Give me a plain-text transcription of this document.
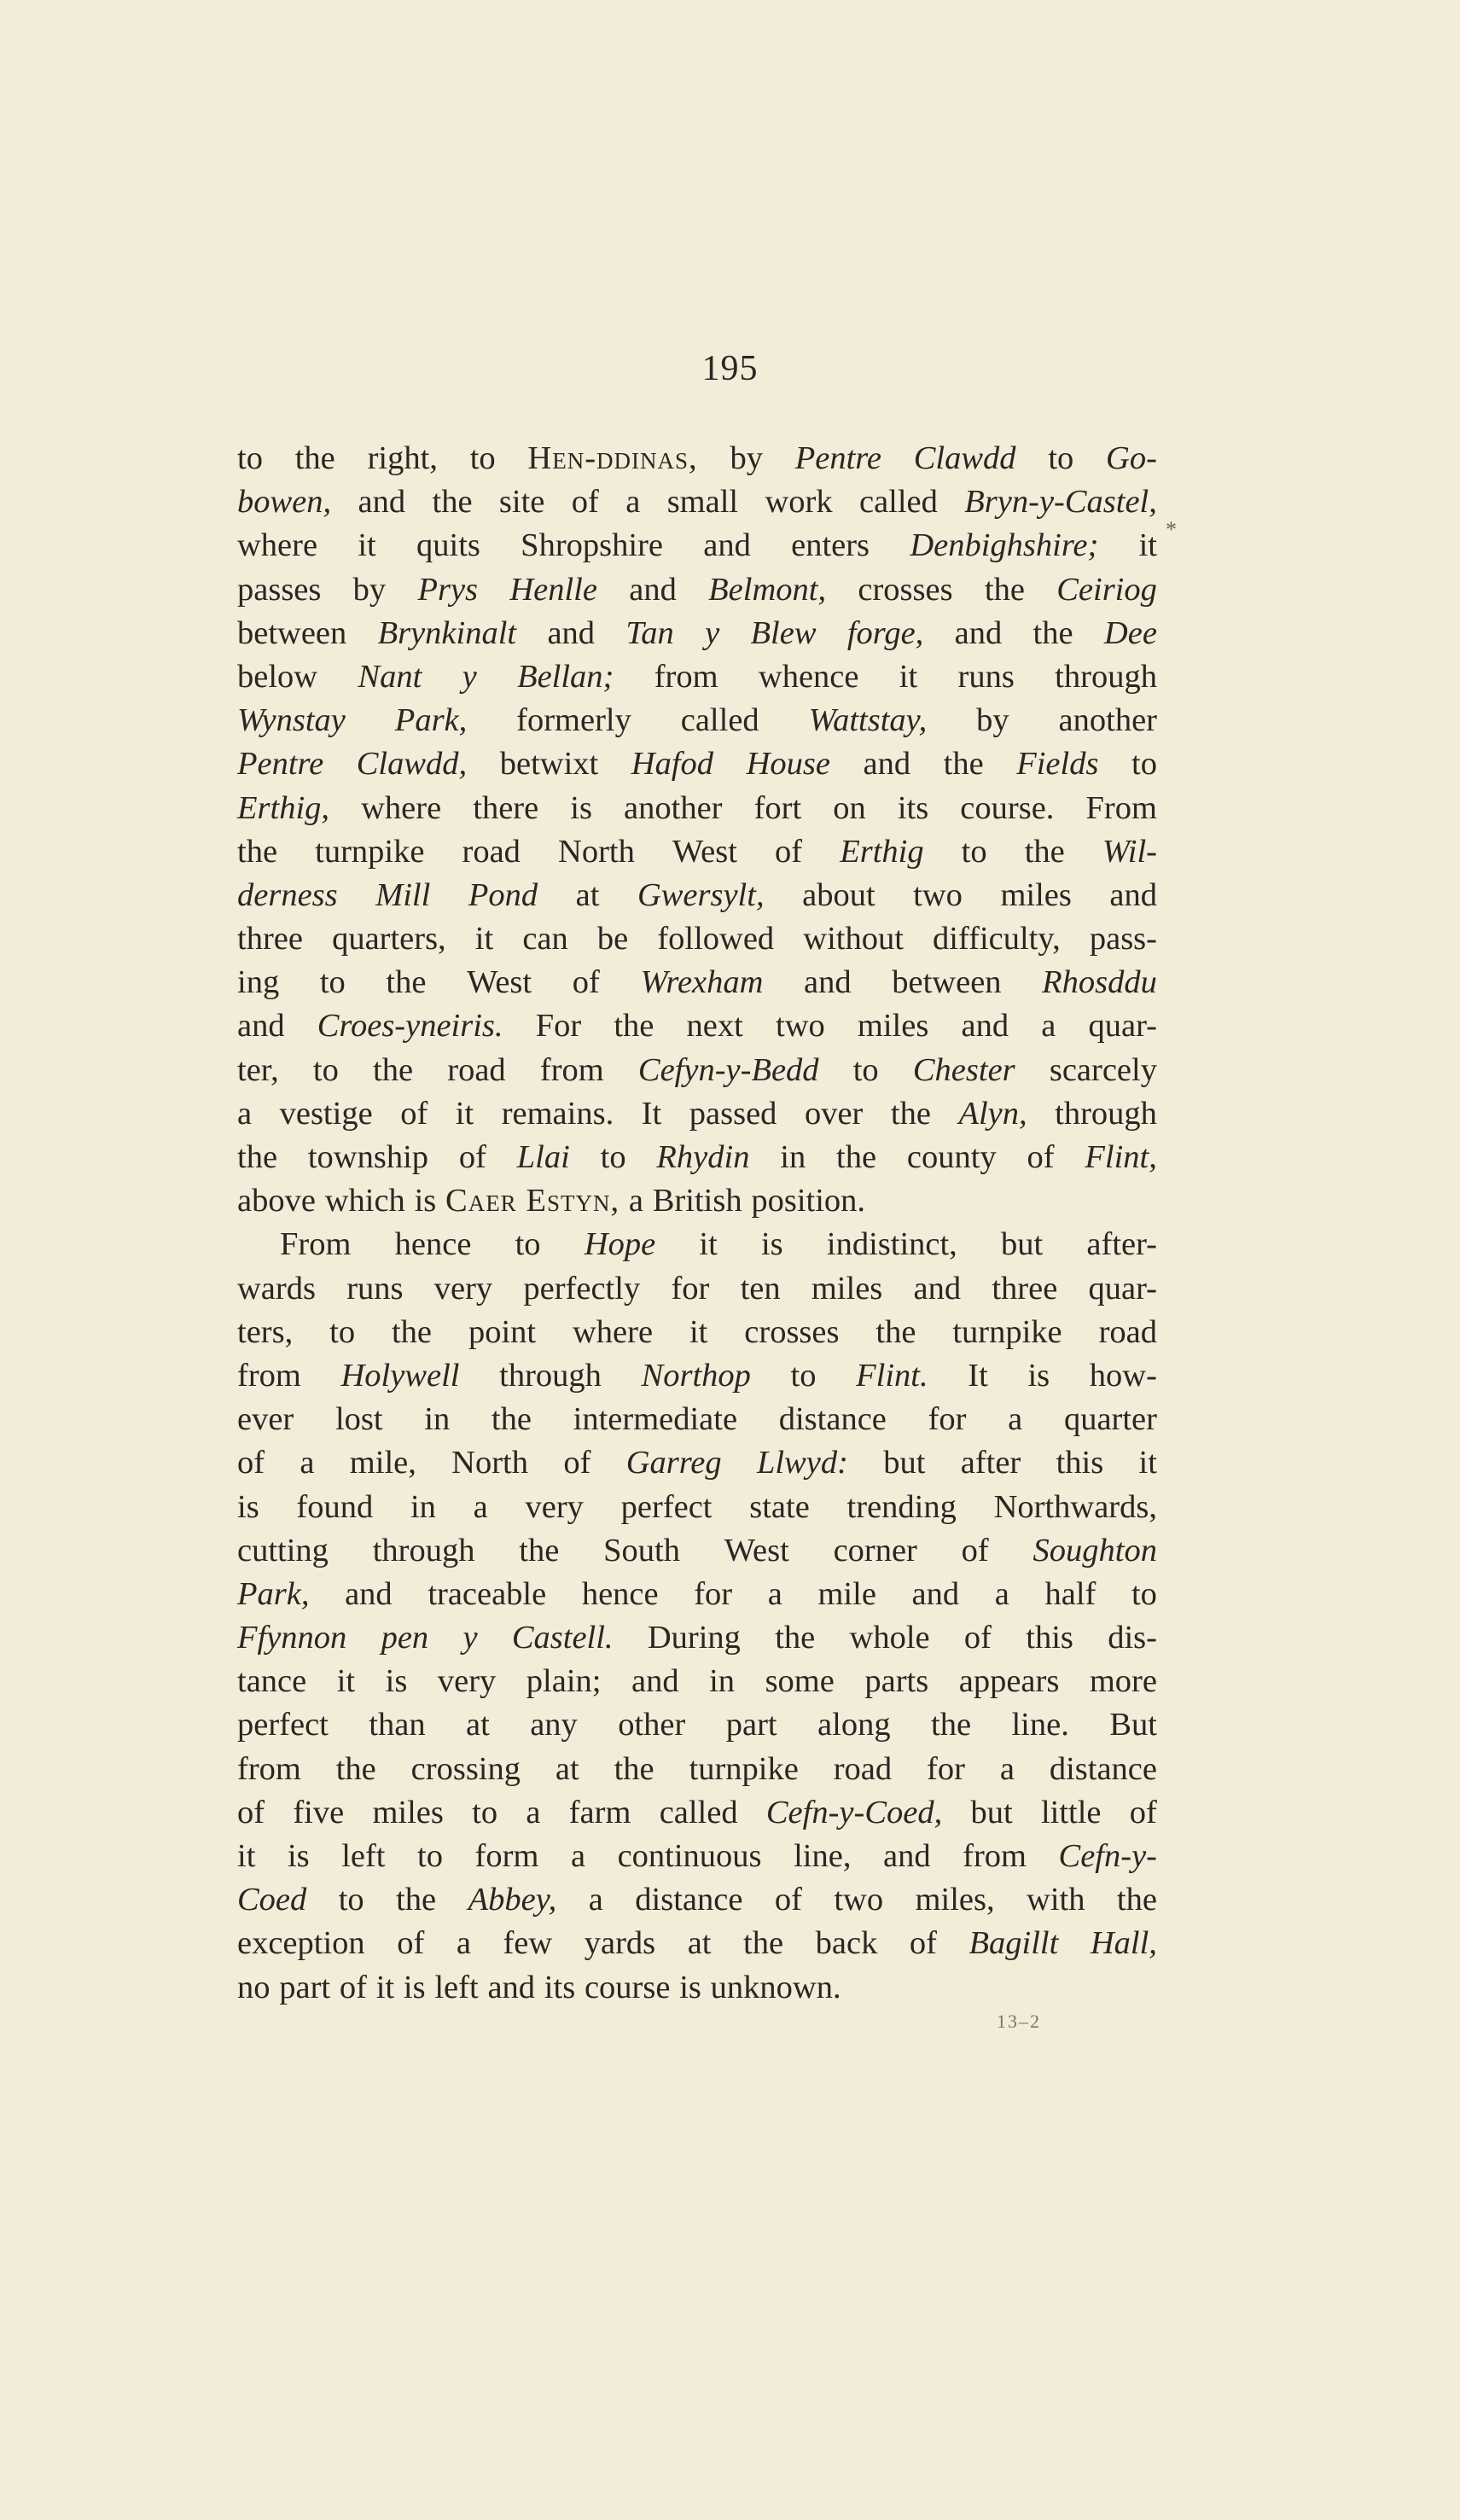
195
*
to the right, to Hen-ddinas, by Pentre Clawdd to Go-
bowen, and the site of a small work called Bryn-y-Castel,
where it quits Shropshire and enters Denbighshire; it
passes by Prys Henlle and Belmont, crosses the Ceiriog
between Brynkinalt and Tan y Blew forge, and the Dee
below Nant y Bellan; from whence it runs through
Wynstay Park, formerly called Wattstay, by another
Pentre Clawdd, betwixt Hafod House and the Fields to
Erthig, where there is another fort on its course. From
the turnpike road North West of Erthig to the Wil-
derness Mill Pond at Gwersylt, about two miles and
three quarters, it can be followed without difficulty, pass-
ing to the West of Wrexham and between Rhosddu
and Croes-yneiris. For the next two miles and a quar-
ter, to the road from Cefyn-y-Bedd to Chester scarcely
a vestige of it remains. It passed over the Alyn, through
the township of Llai to Rhydin in the county of Flint,
above which is Caer Estyn, a British position.
From hence to Hope it is indistinct, but after-
wards runs very perfectly for ten miles and three quar-
ters, to the point where it crosses the turnpike road
from Holywell through Northop to Flint. It is how-
ever lost in the intermediate distance for a quarter
of a mile, North of Garreg Llwyd: but after this it
is found in a very perfect state trending Northwards,
cutting through the South West corner of Soughton
Park, and traceable hence for a mile and a half to
Ffynnon pen y Castell. During the whole of this dis-
tance it is very plain; and in some parts appears more
perfect than at any other part along the line. But
from the crossing at the turnpike road for a distance
of five miles to a farm called Cefn-y-Coed, but little of
it is left to form a continuous line, and from Cefn-y-
Coed to the Abbey, a distance of two miles, with the
exception of a few yards at the back of Bagillt Hall,
no part of it is left and its course is unknown.
13–2
